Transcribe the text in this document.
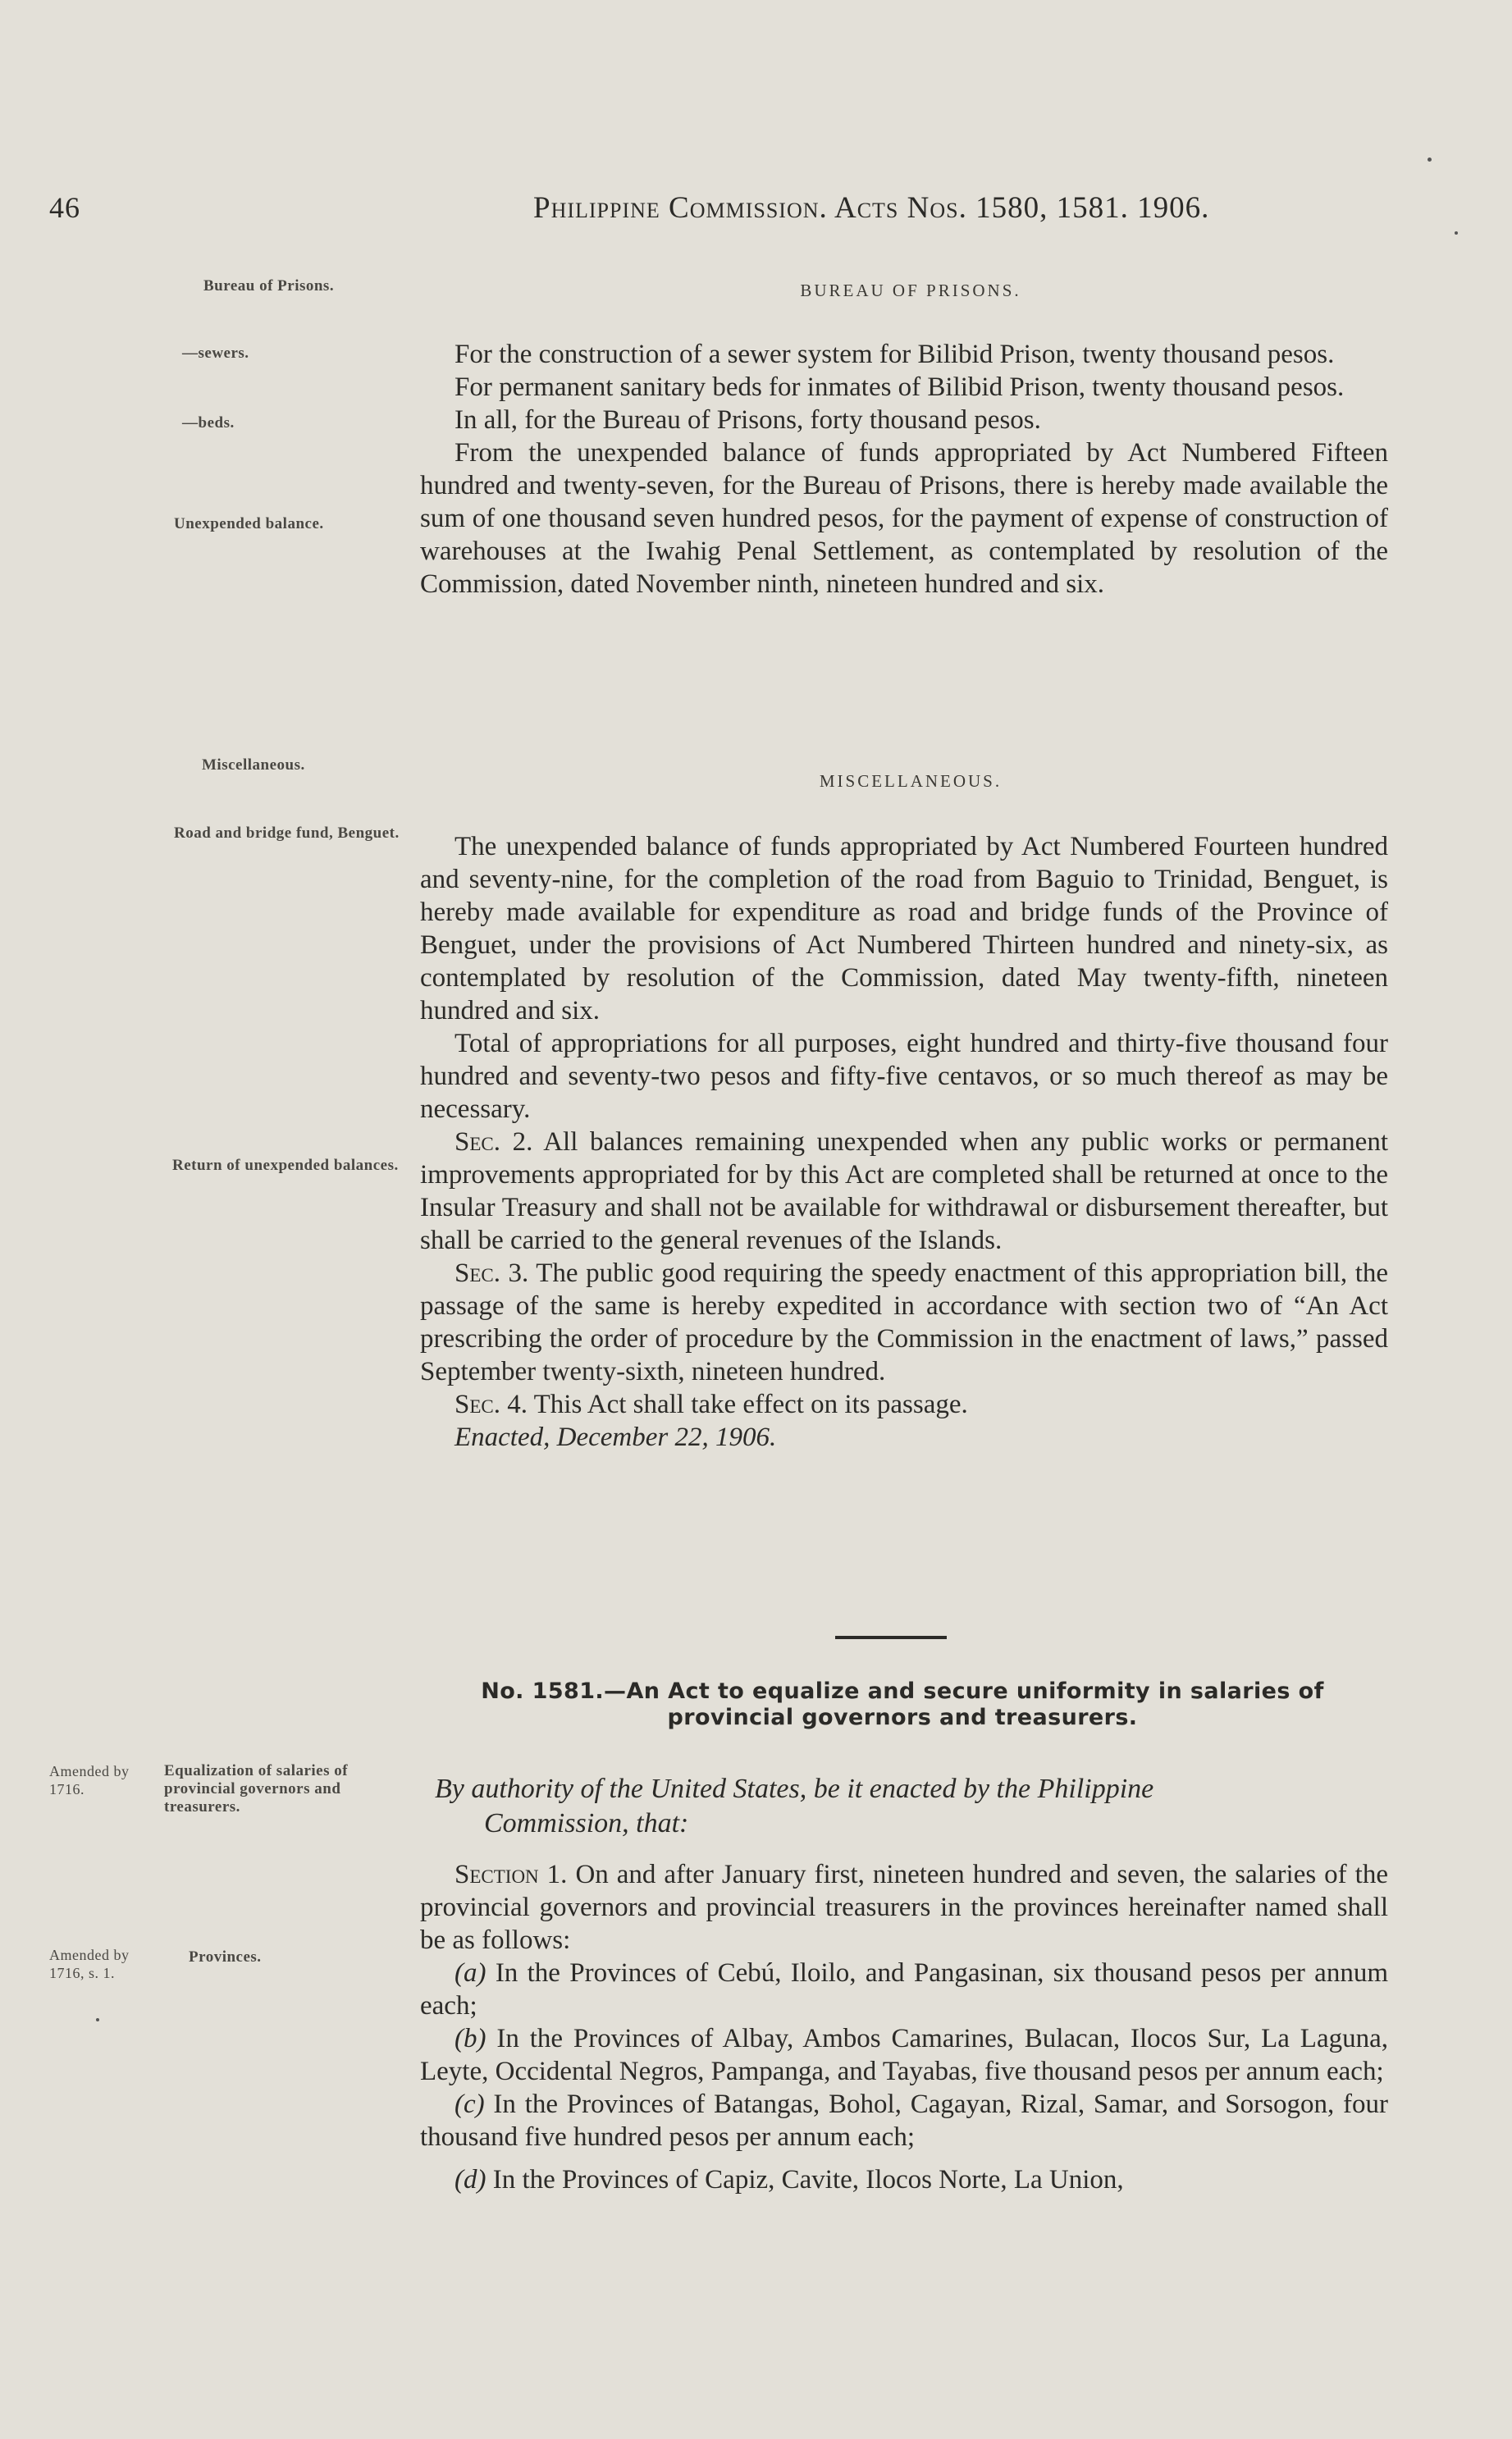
46	Philippine Commission. Acts Nos. 1580, 1581. 1906.
Bureau of Prisons.	BUREAU OF PRISONS.
—sewers.
—beds.
Unexpended balance.

For the construction of a sewer system for Bilibid Prison, twenty thousand pesos.

For permanent sanitary beds for inmates of Bilibid Prison, twenty thousand pesos.

In all, for the Bureau of Prisons, forty thousand pesos.

From the unexpended balance of funds appropriated by Act Numbered Fifteen hundred and twenty-seven, for the Bureau of Prisons, there is hereby made available the sum of one thousand seven hundred pesos, for the payment of expense of construction of warehouses at the Iwahig Penal Settlement, as contemplated by resolution of the Commission, dated November ninth, nineteen hundred and six.

Miscellaneous.
MISCELLANEOUS.
Road and bridge fund, Benguet.
Return of unexpended balances.

The unexpended balance of funds appropriated by Act Numbered Fourteen hundred and seventy-nine, for the completion of the road from Baguio to Trinidad, Benguet, is hereby made available for expenditure as road and bridge funds of the Province of Benguet, under the provisions of Act Numbered Thirteen hundred and ninety-six, as contemplated by resolution of the Commission, dated May twenty-fifth, nineteen hundred and six.

Total of appropriations for all purposes, eight hundred and thirty-five thousand four hundred and seventy-two pesos and fifty-five centavos, or so much thereof as may be necessary.

Sec. 2. All balances remaining unexpended when any public works or permanent improvements appropriated for by this Act are completed shall be returned at once to the Insular Treasury and shall not be available for withdrawal or disbursement thereafter, but shall be carried to the general revenues of the Islands.

Sec. 3. The public good requiring the speedy enactment of this appropriation bill, the passage of the same is hereby expedited in accordance with section two of “An Act prescribing the order of procedure by the Commission in the enactment of laws,” passed September twenty-sixth, nineteen hundred.

Sec. 4. This Act shall take effect on its passage.

Enacted, December 22, 1906.

No. 1581.—An Act to equalize and secure uniformity in salaries of provincial governors and treasurers.
Amended by 1716.
Equalization of salaries of provincial governors and treasurers.
By authority of the United States, be it enacted by the Philippine
Commission, that:
Amended by 1716, s. 1.
Provinces.

Section 1. On and after January first, nineteen hundred and seven, the salaries of the provincial governors and provincial treasurers in the provinces hereinafter named shall be as follows:

(a) In the Provinces of Cebú, Iloilo, and Pangasinan, six thousand pesos per annum each;

(b) In the Provinces of Albay, Ambos Camarines, Bulacan, Ilocos Sur, La Laguna, Leyte, Occidental Negros, Pampanga, and Tayabas, five thousand pesos per annum each;

(c) In the Provinces of Batangas, Bohol, Cagayan, Rizal, Samar, and Sorsogon, four thousand five hundred pesos per annum each;

(d) In the Provinces of Capiz, Cavite, Ilocos Norte, La Union,
